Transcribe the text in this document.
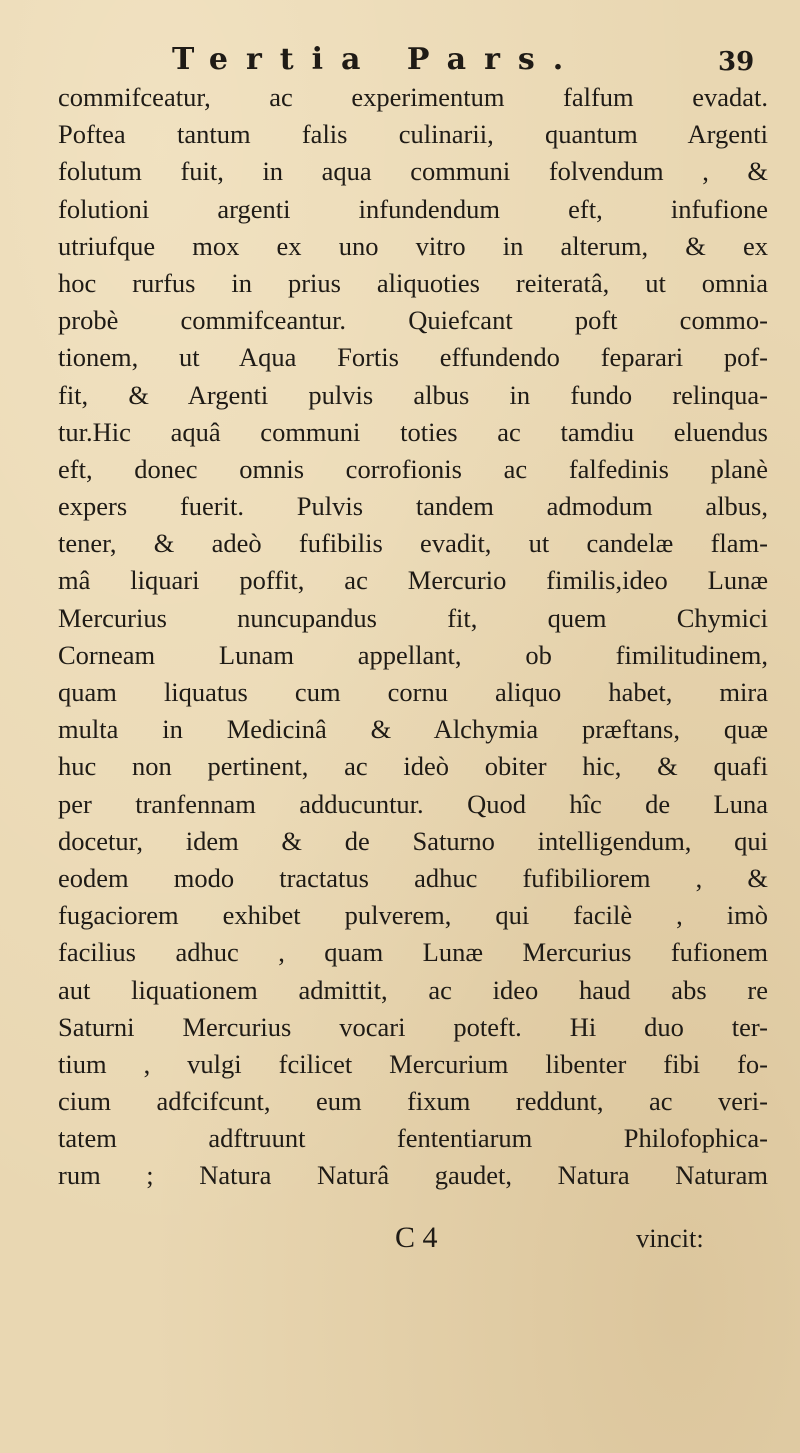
Tertia Pars.	39
commifceatur, ac experimentum falfum evadat.
Poftea tantum falis culinarii, quantum Argenti
folutum fuit, in aqua communi folvendum , &
folutioni argenti infundendum eft, infufione
utriufque mox ex uno vitro in alterum, & ex
hoc rurfus in prius aliquoties reiteratâ, ut omnia
probè commifceantur. Quiefcant poft commo-
tionem, ut Aqua Fortis effundendo feparari pof-
fit, & Argenti pulvis albus in fundo relinqua-
tur.Hic aquâ communi toties ac tamdiu eluendus
eft, donec omnis corrofionis ac falfedinis planè
expers fuerit. Pulvis tandem admodum albus,
tener, & adeò fufibilis evadit, ut candelæ flam-
mâ liquari poffit, ac Mercurio fimilis,ideo Lunæ
Mercurius nuncupandus fit, quem Chymici
Corneam Lunam appellant, ob fimilitudinem,
quam liquatus cum cornu aliquo habet, mira
multa in Medicinâ & Alchymia præftans, quæ
huc non pertinent, ac ideò obiter hic, & quafi
per tranfennam adducuntur. Quod hîc de Luna
docetur, idem & de Saturno intelligendum, qui
eodem modo tractatus adhuc fufibiliorem , &
fugaciorem exhibet pulverem, qui facilè , imò
facilius adhuc , quam Lunæ Mercurius fufionem
aut liquationem admittit, ac ideo haud abs re
Saturni Mercurius vocari poteft. Hi duo ter-
tium , vulgi fcilicet Mercurium libenter fibi fo-
cium adfcifcunt, eum fixum reddunt, ac veri-
tatem adftruunt fententiarum Philofophica-
rum ; Natura Naturâ gaudet, Natura Naturam
C 4	vincit:
